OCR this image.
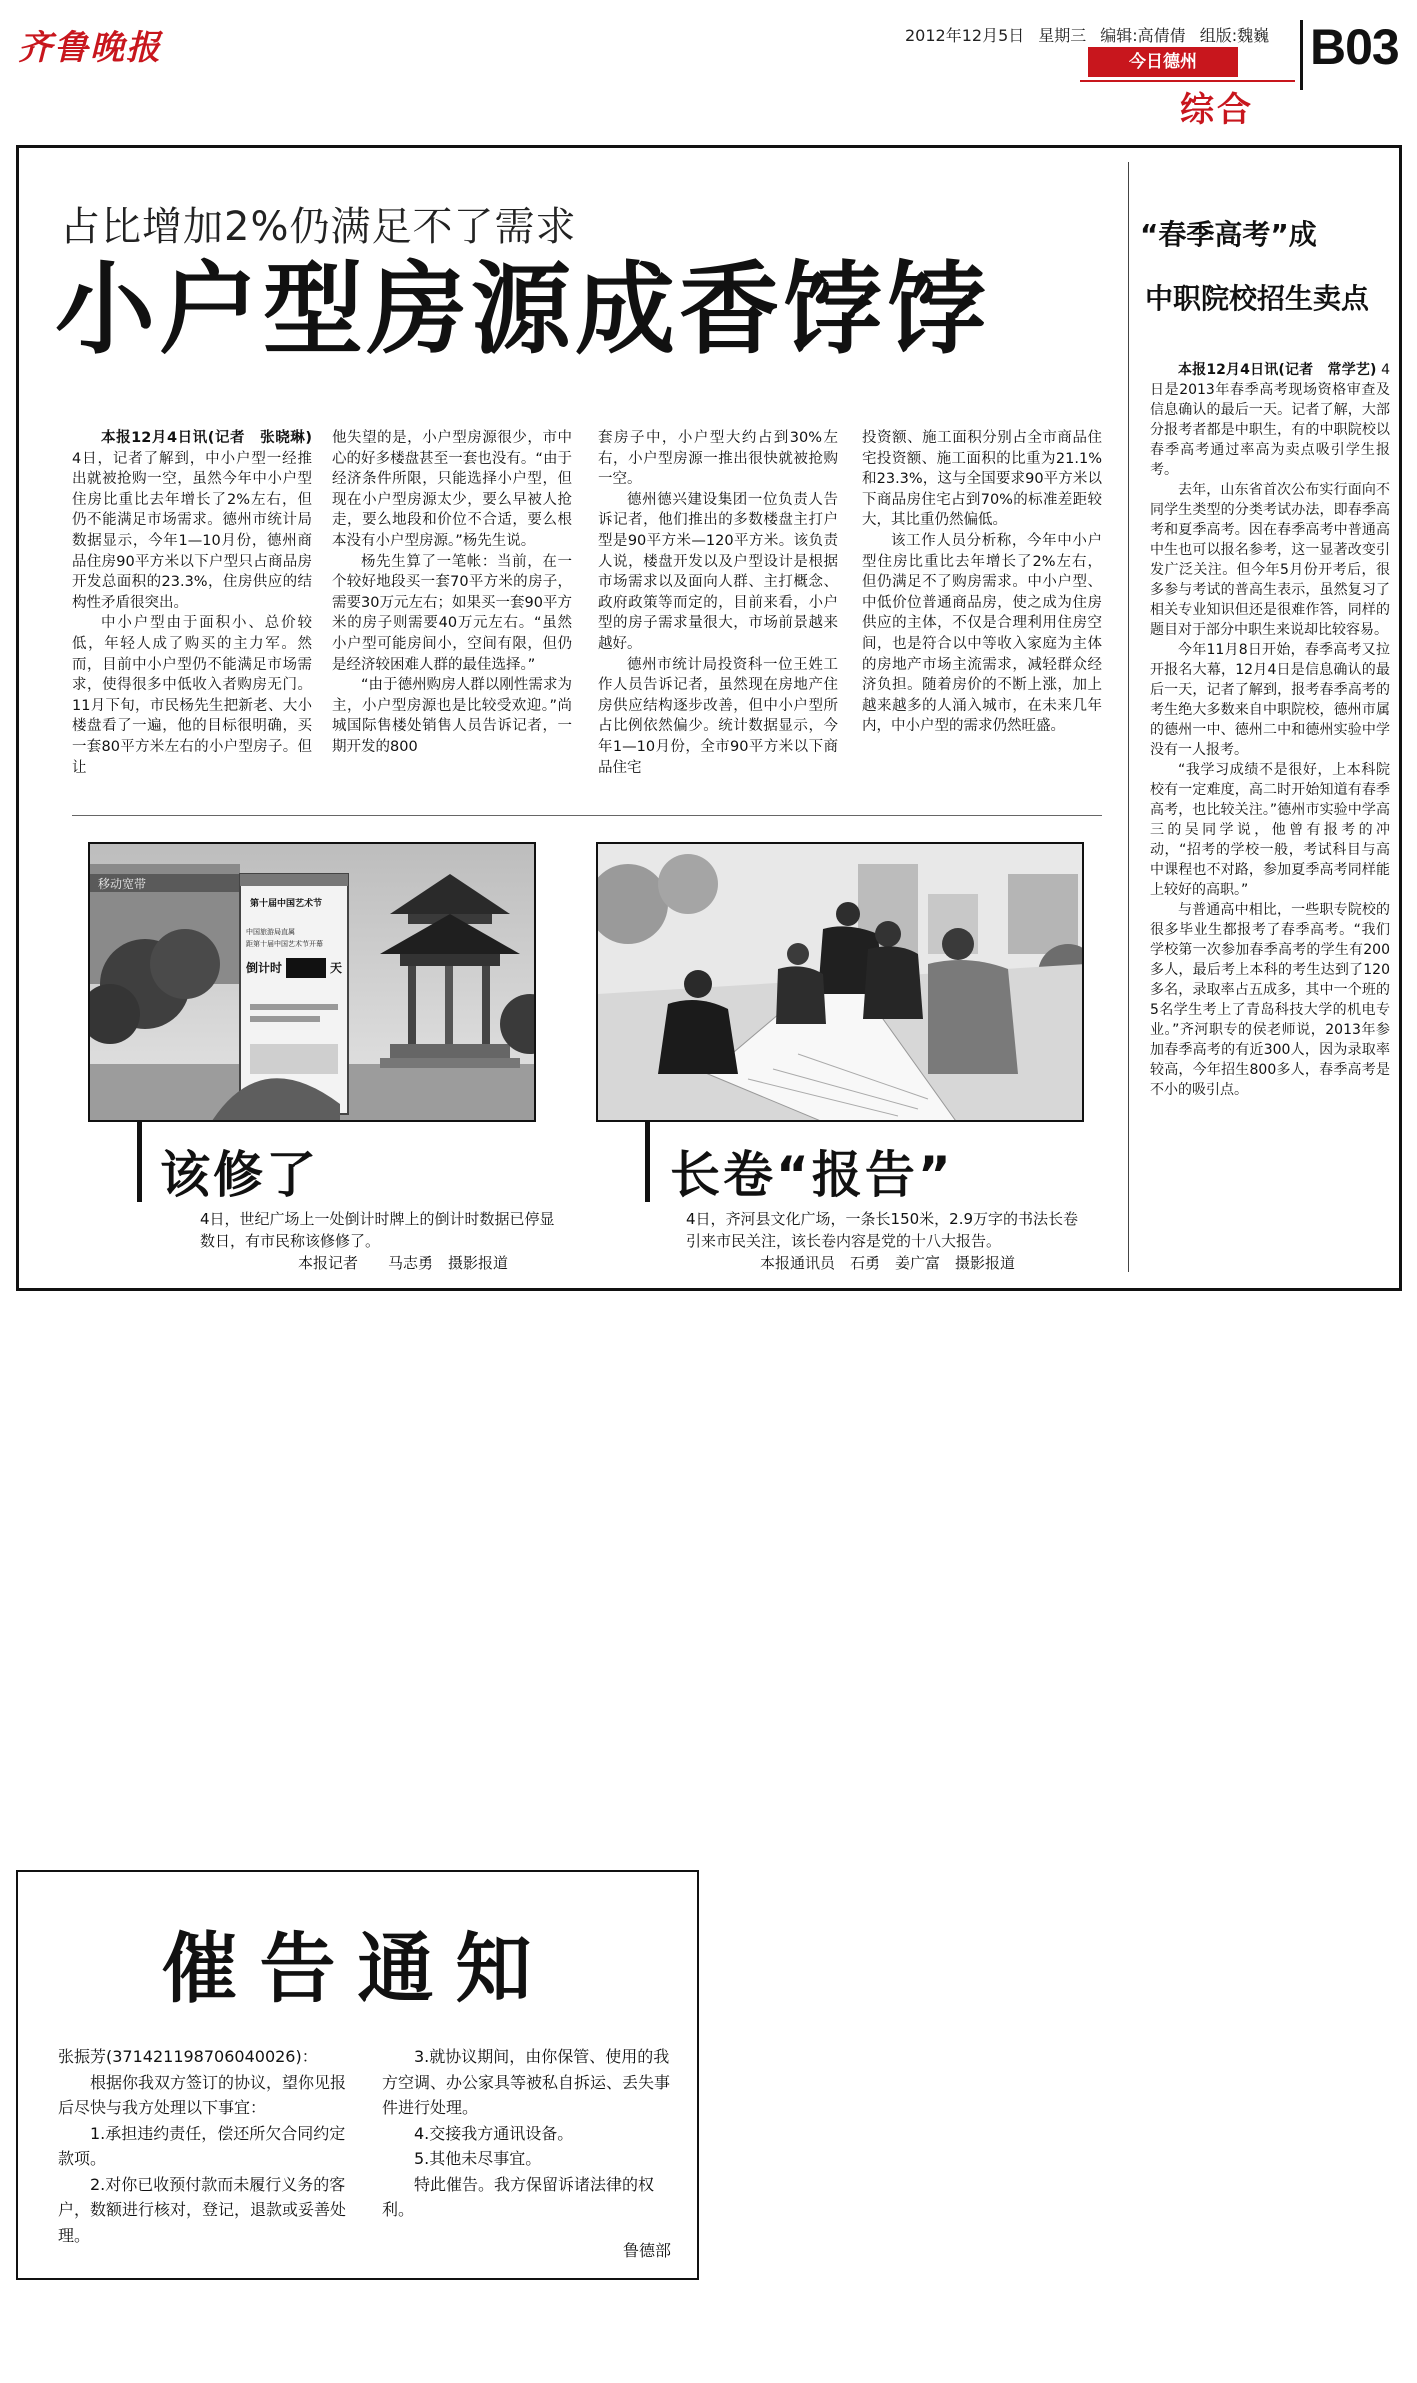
齐鲁晚报	2012年12月5日 星期三 编辑:高倩倩 组版:魏巍
今日德州
综合
B03
占比增加2%仍满足不了需求
小户型房源成香饽饽

本报12月4日讯(记者　张晓琳) 4日，记者了解到，中小户型一经推出就被抢购一空，虽然今年中小户型住房比重比去年增长了2%左右，但仍不能满足市场需求。德州市统计局数据显示，今年1—10月份，德州商品住房90平方米以下户型只占商品房开发总面积的23.3%，住房供应的结构性矛盾很突出。

中小户型由于面积小、总价较低，年轻人成了购买的主力军。然而，目前中小户型仍不能满足市场需求，使得很多中低收入者购房无门。11月下旬，市民杨先生把新老、大小楼盘看了一遍，他的目标很明确，买一套80平方米左右的小户型房子。但让

他失望的是，小户型房源很少，市中心的好多楼盘甚至一套也没有。“由于经济条件所限，只能选择小户型，但现在小户型房源太少，要么早被人抢走，要么地段和价位不合适，要么根本没有小户型房源。”杨先生说。

杨先生算了一笔帐：当前，在一个较好地段买一套70平方米的房子，需要30万元左右；如果买一套90平方米的房子则需要40万元左右。“虽然小户型可能房间小，空间有限，但仍是经济较困难人群的最佳选择。”

“由于德州购房人群以刚性需求为主，小户型房源也是比较受欢迎。”尚城国际售楼处销售人员告诉记者，一期开发的800

套房子中，小户型大约占到30%左右，小户型房源一推出很快就被抢购一空。

德州德兴建设集团一位负责人告诉记者，他们推出的多数楼盘主打户型是90平方米—120平方米。该负责人说，楼盘开发以及户型设计是根据市场需求以及面向人群、主打概念、政府政策等而定的，目前来看，小户型的房子需求量很大，市场前景越来越好。

德州市统计局投资科一位王姓工作人员告诉记者，虽然现在房地产住房供应结构逐步改善，但中小户型所占比例依然偏少。统计数据显示，今年1—10月份，全市90平方米以下商品住宅

投资额、施工面积分别占全市商品住宅投资额、施工面积的比重为21.1%和23.3%，这与全国要求90平方米以下商品房住宅占到70%的标准差距较大，其比重仍然偏低。

该工作人员分析称，今年中小户型住房比重比去年增长了2%左右，但仍满足不了购房需求。中小户型、中低价位普通商品房，使之成为住房供应的主体，不仅是合理利用住房空间，也是符合以中等收入家庭为主体的房地产市场主流需求，减轻群众经济负担。随着房价的不断上涨，加上越来越多的人涌入城市，在未来几年内，中小户型的需求仍然旺盛。

移动宽带
第十届中国艺术节
中国旅游局直属
距第十届中国艺术节开幕
倒计时	天
该修了
4日，世纪广场上一处倒计时牌上的倒计时数据已停显数日，有市民称该修修了。
本报记者　　马志勇　摄影报道
长卷“报告”
4日，齐河县文化广场，一条长150米，2.9万字的书法长卷引来市民关注，该长卷内容是党的十八大报告。
本报通讯员　石勇　姜广富　摄影报道
“春季高考”成
中职院校招生卖点

本报12月4日讯(记者　常学艺) 4日是2013年春季高考现场资格审查及信息确认的最后一天。记者了解，大部分报考者都是中职生，有的中职院校以春季高考通过率高为卖点吸引学生报考。

去年，山东省首次公布实行面向不同学生类型的分类考试办法，即春季高考和夏季高考。因在春季高考中普通高中生也可以报名参考，这一显著改变引发广泛关注。但今年5月份开考后，很多参与考试的普高生表示，虽然复习了相关专业知识但还是很难作答，同样的题目对于部分中职生来说却比较容易。

今年11月8日开始，春季高考又拉开报名大幕，12月4日是信息确认的最后一天，记者了解到，报考春季高考的考生绝大多数来自中职院校，德州市属的德州一中、德州二中和德州实验中学没有一人报考。

“我学习成绩不是很好，上本科院校有一定难度，高二时开始知道有春季高考，也比较关注。”德州市实验中学高三的吴同学说，他曾有报考的冲动，“招考的学校一般，考试科目与高中课程也不对路，参加夏季高考同样能上较好的高职。”

与普通高中相比，一些职专院校的很多毕业生都报考了春季高考。“我们学校第一次参加春季高考的学生有200多人，最后考上本科的考生达到了120多名，录取率占五成多，其中一个班的5名学生考上了青岛科技大学的机电专业。”齐河职专的侯老师说，2013年参加春季高考的有近300人，因为录取率较高，今年招生800多人，春季高考是不小的吸引点。

催告通知

张振芳(371421198706040026)：

根据你我双方签订的协议，望你见报后尽快与我方处理以下事宜：

1.承担违约责任，偿还所欠合同约定款项。

2.对你已收预付款而未履行义务的客户，数额进行核对，登记，退款或妥善处理。

3.就协议期间，由你保管、使用的我方空调、办公家具等被私自拆运、丢失事件进行处理。

4.交接我方通讯设备。

5.其他未尽事宜。

特此催告。我方保留诉诸法律的权利。

鲁德部
